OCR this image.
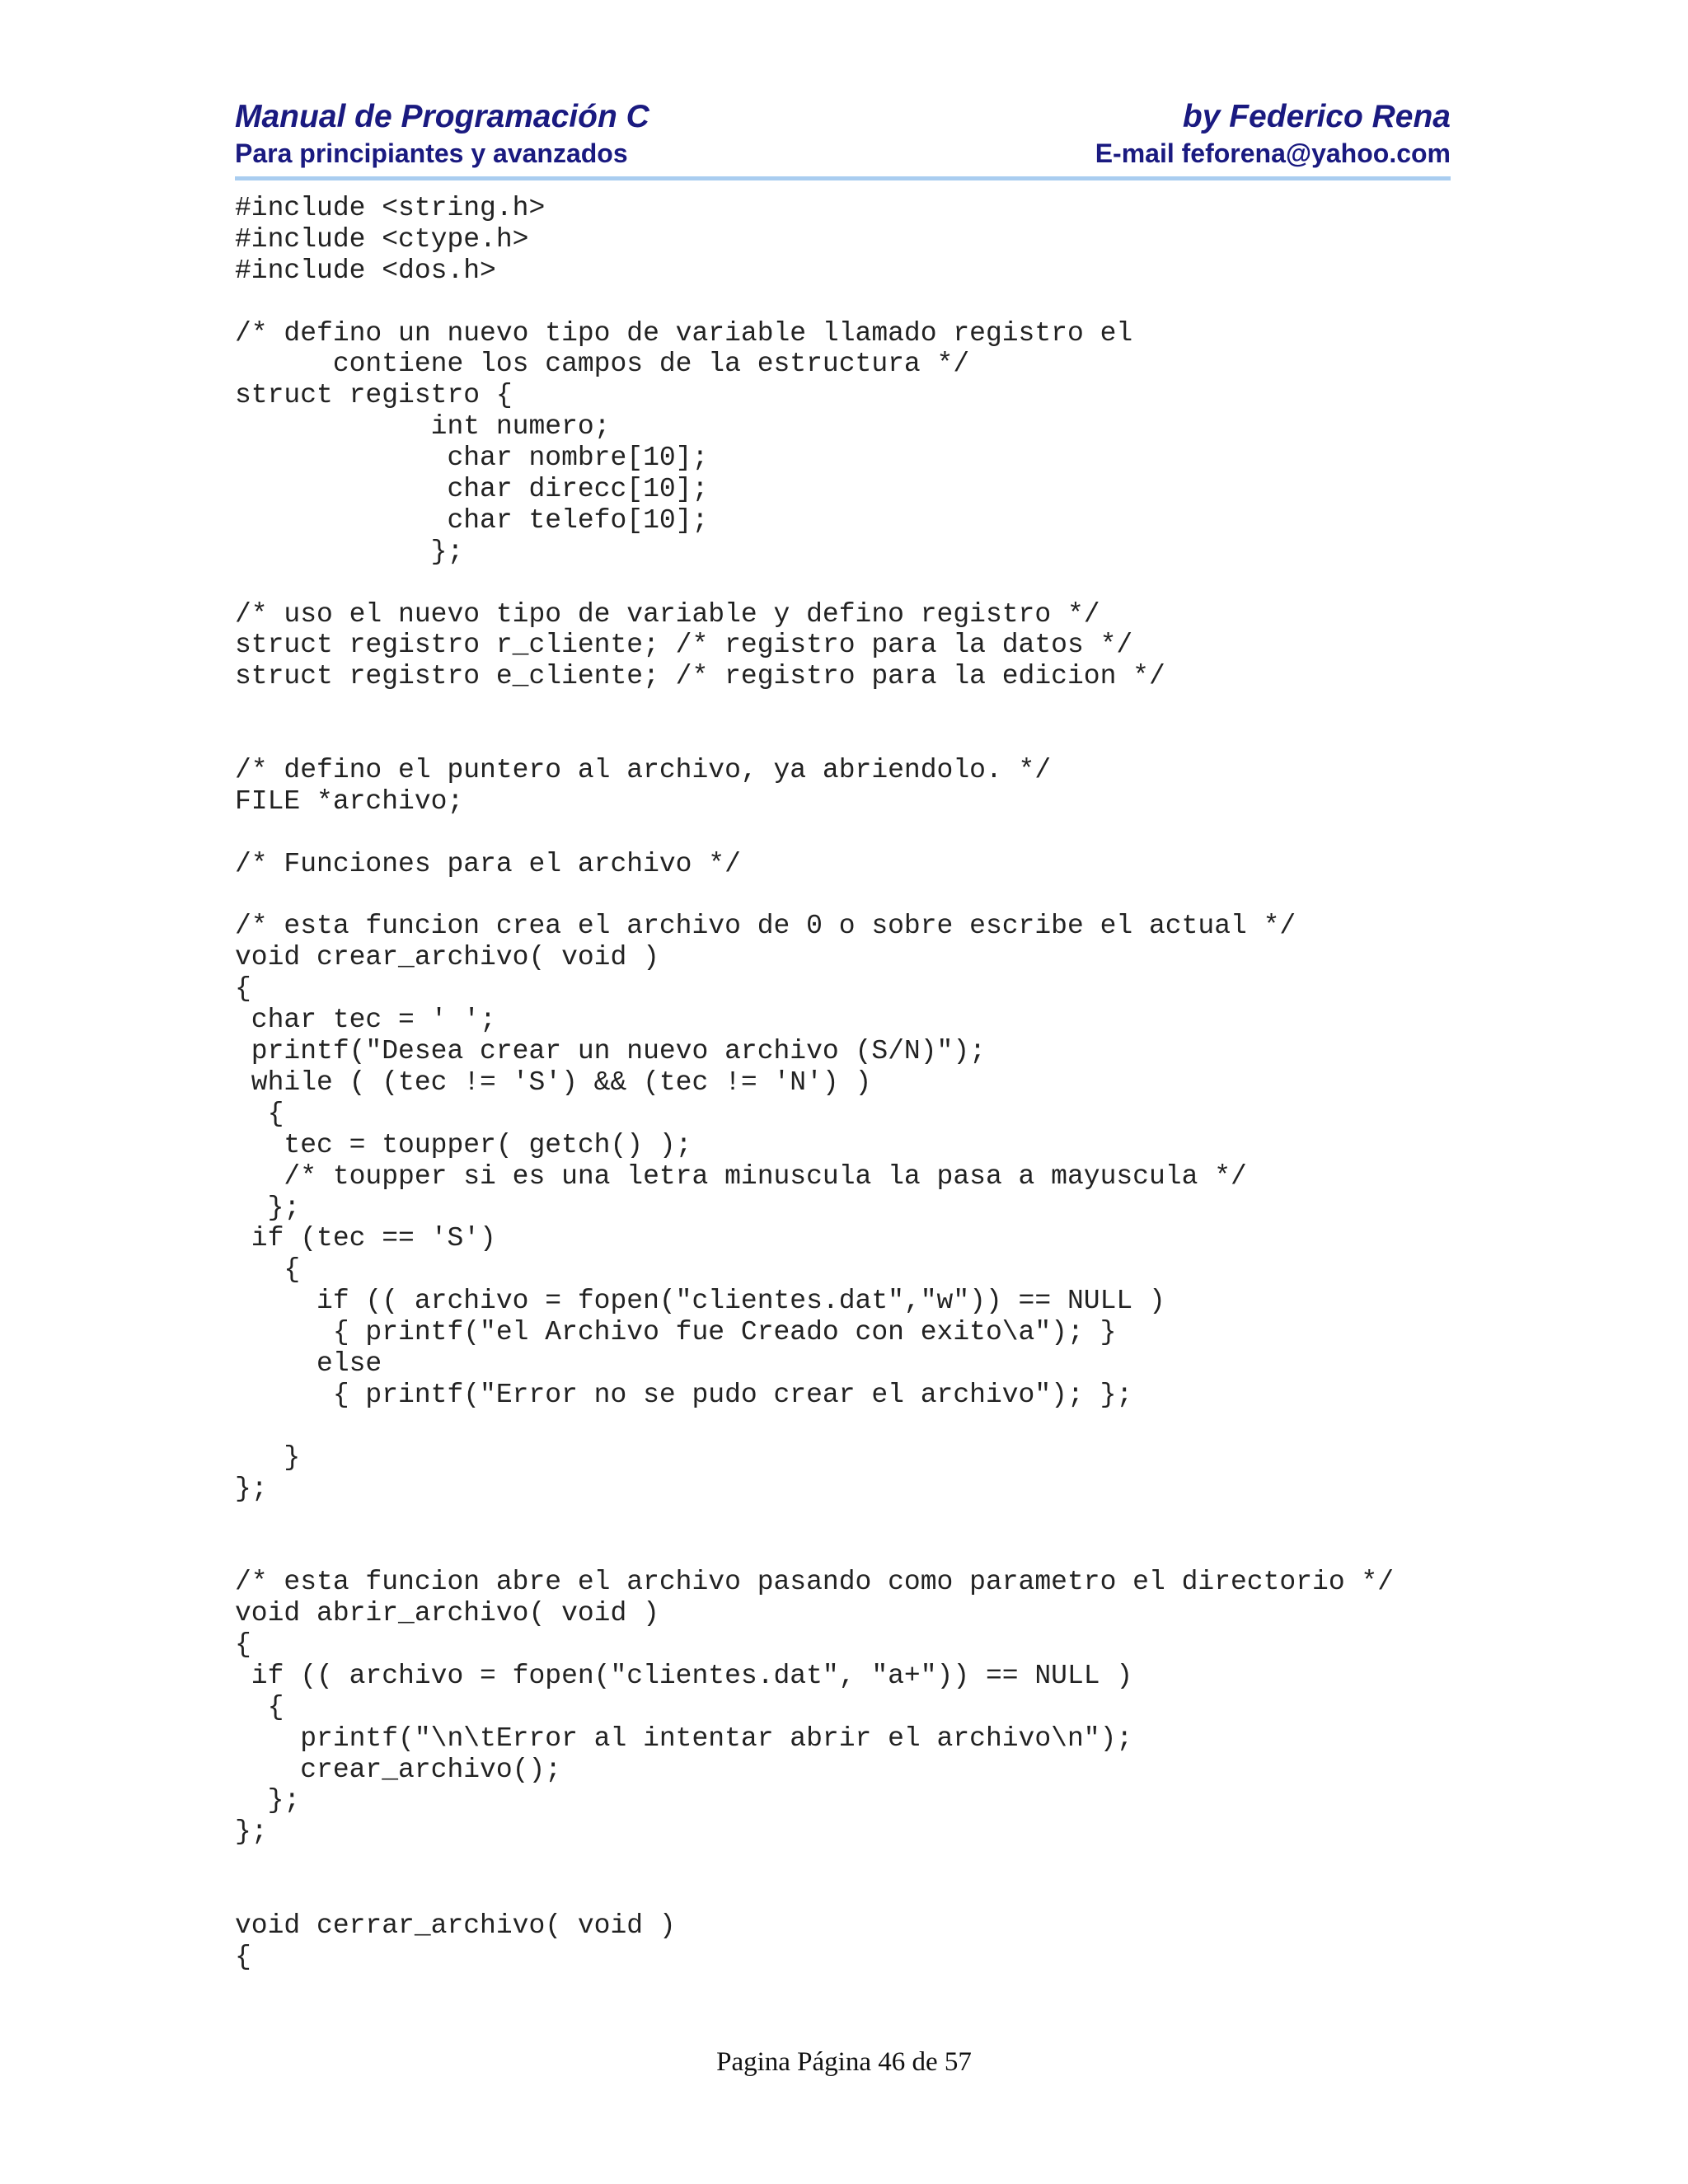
Manual de Programación C	by Federico Rena
Para principiantes y avanzados	E-mail feforena@yahoo.com
#include <string.h>
#include <ctype.h>
#include <dos.h>
/* defino un nuevo tipo de variable llamado registro el
contiene los campos de la estructura */
struct registro {
int numero;
char nombre[10];
char direcc[10];
char telefo[10];
};
/* uso el nuevo tipo de variable y defino registro */
struct registro r_cliente; /* registro para la datos */
struct registro e_cliente; /* registro para la edicion */
/* defino el puntero al archivo, ya abriendolo. */
FILE *archivo;
/* Funciones para el archivo */
/* esta funcion crea el archivo de 0 o sobre escribe el actual */
void crear_archivo( void )
{
char tec = ' ';
printf("Desea crear un nuevo archivo (S/N)");
while ( (tec != 'S') && (tec != 'N') )
{
tec = toupper( getch() );
/* toupper si es una letra minuscula la pasa a mayuscula */
};
if (tec == 'S')
{
if (( archivo = fopen("clientes.dat","w")) == NULL )
{ printf("el Archivo fue Creado con exito\a"); }
else
{ printf("Error no se pudo crear el archivo"); };
}
};
/* esta funcion abre el archivo pasando como parametro el directorio */
void abrir_archivo( void )
{
if (( archivo = fopen("clientes.dat", "a+")) == NULL )
{
printf("\n\tError al intentar abrir el archivo\n");
crear_archivo();
};
};
void cerrar_archivo( void )
{
Pagina Página 46 de 57
